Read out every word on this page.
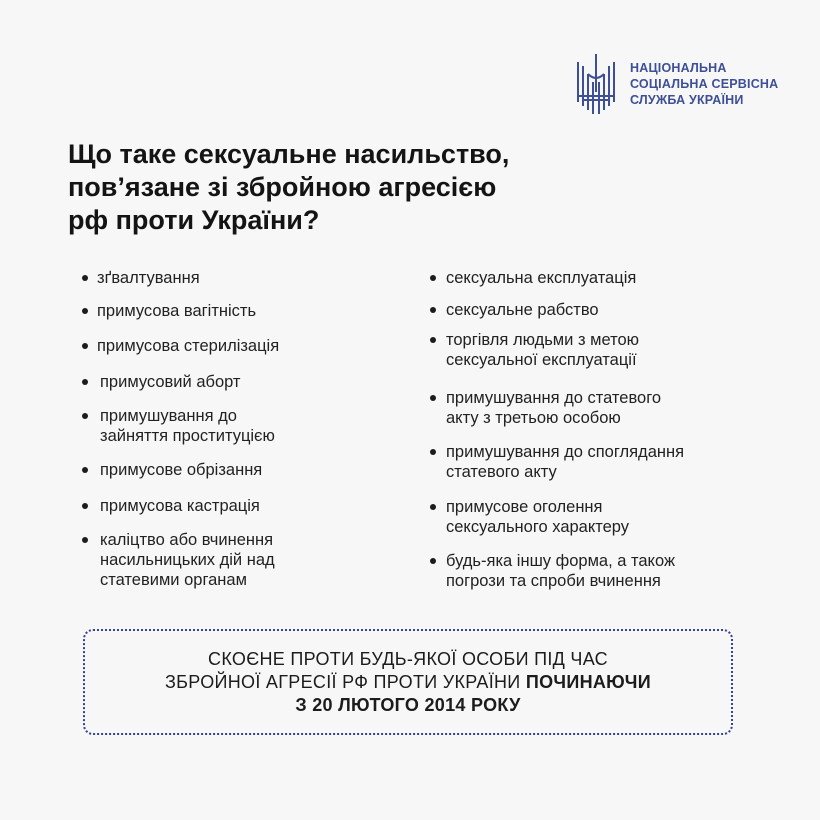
НАЦІОНАЛЬНА
СОЦІАЛЬНА СЕРВІСНА
СЛУЖБА УКРАЇНИ
Що таке сексуальне насильство,
пов’язане зі збройною агресією
рф проти України?
зґвалтування
примусова вагітність
примусова стерилізація
примусовий аборт
примушування до
зайняття проституцією
примусове обрізання
примусова кастрація
каліцтво або вчинення
насильницьких дій над
статевими органам
сексуальна експлуатація
сексуальне рабство
торгівля людьми з метою
сексуальної експлуатації
примушування до статевого
акту з третьою особою
примушування до споглядання
статевого акту
примусове оголення
сексуального характеру
будь-яка іншу форма, а також
погрози та спроби вчинення
СКОЄНЕ ПРОТИ БУДЬ-ЯКОЇ ОСОБИ ПІД ЧАС
ЗБРОЙНОЇ АГРЕСІЇ РФ ПРОТИ УКРАЇНИ ПОЧИНАЮЧИ
З 20 ЛЮТОГО 2014 РОКУ
